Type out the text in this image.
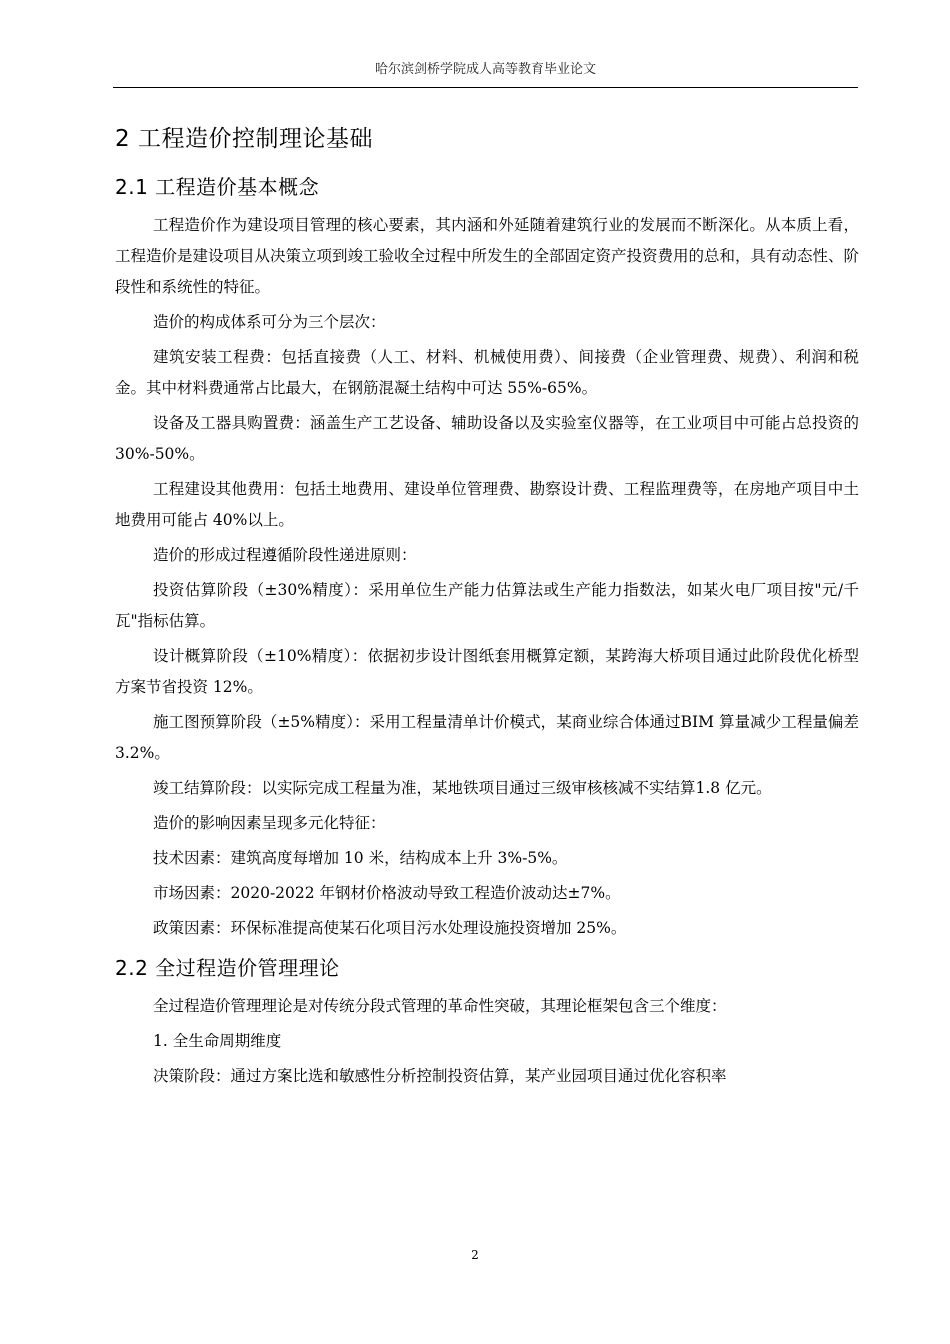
哈尔滨剑桥学院成人高等教育毕业论文
2 工程造价控制理论基础
2.1 工程造价基本概念

工程造价作为建设项目管理的核心要素，其内涵和外延随着建筑行业的发展而不断深化。从本质上看，工程造价是建设项目从决策立项到竣工验收全过程中所发生的全部固定资产投资费用的总和，具有动态性、阶段性和系统性的特征。

造价的构成体系可分为三个层次：

建筑安装工程费：包括直接费（人工、材料、机械使用费）、间接费（企业管理费、规费）、利润和税金。其中材料费通常占比最大，在钢筋混凝土结构中可达 55%-65%。

设备及工器具购置费：涵盖生产工艺设备、辅助设备以及实验室仪器等，在工业项目中可能占总投资的 30%-50%。

工程建设其他费用：包括土地费用、建设单位管理费、勘察设计费、工程监理费等，在房地产项目中土地费用可能占 40%以上。

造价的形成过程遵循阶段性递进原则：

投资估算阶段（±30%精度）：采用单位生产能力估算法或生产能力指数法，如某火电厂项目按"元/千瓦"指标估算。

设计概算阶段（±10%精度）：依据初步设计图纸套用概算定额，某跨海大桥项目通过此阶段优化桥型方案节省投资 12%。

施工图预算阶段（±5%精度）：采用工程量清单计价模式，某商业综合体通过BIM 算量减少工程量偏差 3.2%。

竣工结算阶段：以实际完成工程量为准，某地铁项目通过三级审核核减不实结算1.8 亿元。

造价的影响因素呈现多元化特征：

技术因素：建筑高度每增加 10 米，结构成本上升 3%-5%。

市场因素：2020-2022 年钢材价格波动导致工程造价波动达±7%。

政策因素：环保标准提高使某石化项目污水处理设施投资增加 25%。

2.2 全过程造价管理理论

全过程造价管理理论是对传统分段式管理的革命性突破，其理论框架包含三个维度：

1. 全生命周期维度

决策阶段：通过方案比选和敏感性分析控制投资估算，某产业园项目通过优化容积率

2
